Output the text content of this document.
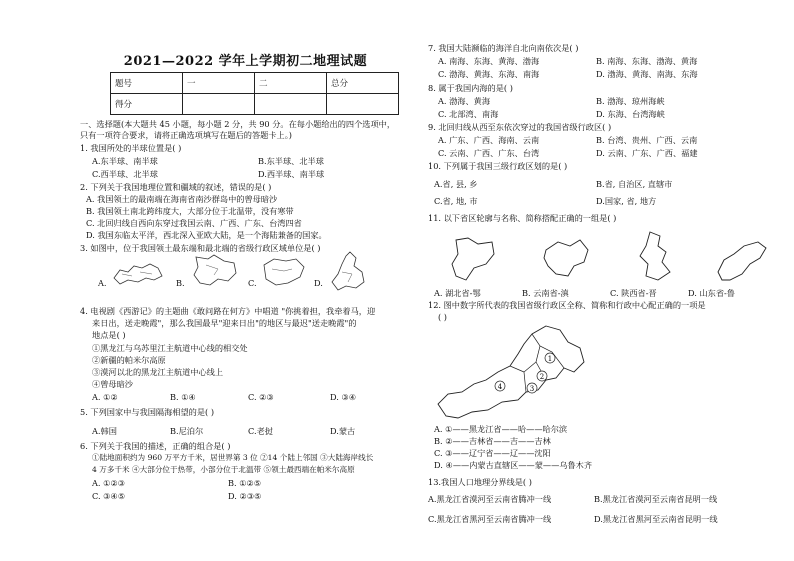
2021—2022 学年上学期初二地理试题
题号	一	二	总分
得分			
一、选择题(本大题共 45 小题，每小题 2 分，共 90 分。在每小题给出的四个选项中，
只有一项符合要求，请将正确选项填写在题后的答题卡上。)
1. 我国所处的半球位置是( )
A.东半球、南半球	B.东半球、北半球
C.西半球、北半球	D.西半球、南半球
2. 下列关于我国地理位置和疆域的叙述，错误的是( )
A. 我国领土的最南端在海南省南沙群岛中的曾母暗沙
B. 我国领土南北跨纬度大，大部分位于北温带，没有寒带
C. 北回归线自西向东穿过我国云南、广西、广东、台湾四省
D. 我国东临太平洋，西北深入亚欧大陆，是一个海陆兼备的国家。
3. 如图中，位于我国领土最东端和最北端的省级行政区域单位是( )
A.	B.	C.	D.
4. 电视剧《西游记》的主题曲《敢问路在何方》中唱道 "你挑着担，我牵着马，迎
来日出，送走晚霞"，那么我国最早"迎来日出"的地区与最迟"送走晚霞"的
地点是( )
①黑龙江与乌苏里江主航道中心线的相交处
②新疆的帕米尔高原
③漠河以北的黑龙江主航道中心线上
④曾母暗沙
A. ①②	B. ①④	C. ②③	D. ③④
5. 下列国家中与我国隔海相望的是( )
A.韩国	B.尼泊尔	C.老挝	D.蒙古
6. 下列关于我国的描述，正确的组合是( )
①陆地面积约为 960 万平方千米，居世界第 3 位 ②14 个陆上邻国 ③大陆海岸线长
4 万多千米 ④大部分位于热带，小部分位于北温带 ⑤领土最西端在帕米尔高原
A. ①②③	B. ①②⑤
C. ③④⑤	D. ②③⑤
7. 我国大陆濒临的海洋自北向南依次是( )
A. 南海、东海、黄海、渤海	B. 南海、东海、渤海、黄海
C. 渤海、黄海、东海、南海	D. 渤海、黄海、南海、东海
8. 属于我国内海的是( )
A. 渤海、黄海	B. 渤海、琼州海峡
C. 北部湾、南海	D. 东海、台湾海峡
9. 北回归线从西至东依次穿过的我国省级行政区( )
A. 广东、广西、海南、云南	B. 台湾、贵州、广西、云南
C. 云南、广西、广东、台湾	D. 云南、广东、广西、福建
10. 下列属于我国三级行政区划的是( )
A.省, 县, 乡	B.省, 自治区, 直辖市
C.省, 地, 市	D.国家, 省, 地方
11. 以下省区轮廓与名称、简称搭配正确的一组是( )
A. 湖北省-鄂	B. 云南省-滇	C. 陕西省-晋	D. 山东省-鲁
12. 图中数字所代表的我国省级行政区全称、简称和行政中心配正确的一项是
( )
1
2
3
4
A. ①——黑龙江省——哈——哈尔滨
B. ②——吉林省——吉——吉林
C. ③——辽宁省——辽——沈阳
D. ④——内蒙古直辖区——蒙——乌鲁木齐
13.我国人口地理分界线是( )
A.黑龙江省漠河至云南省腾冲一线	B.黑龙江省漠河至云南省昆明一线
C.黑龙江省黑河至云南省腾冲一线	D.黑龙江省黑河至云南省昆明一线
